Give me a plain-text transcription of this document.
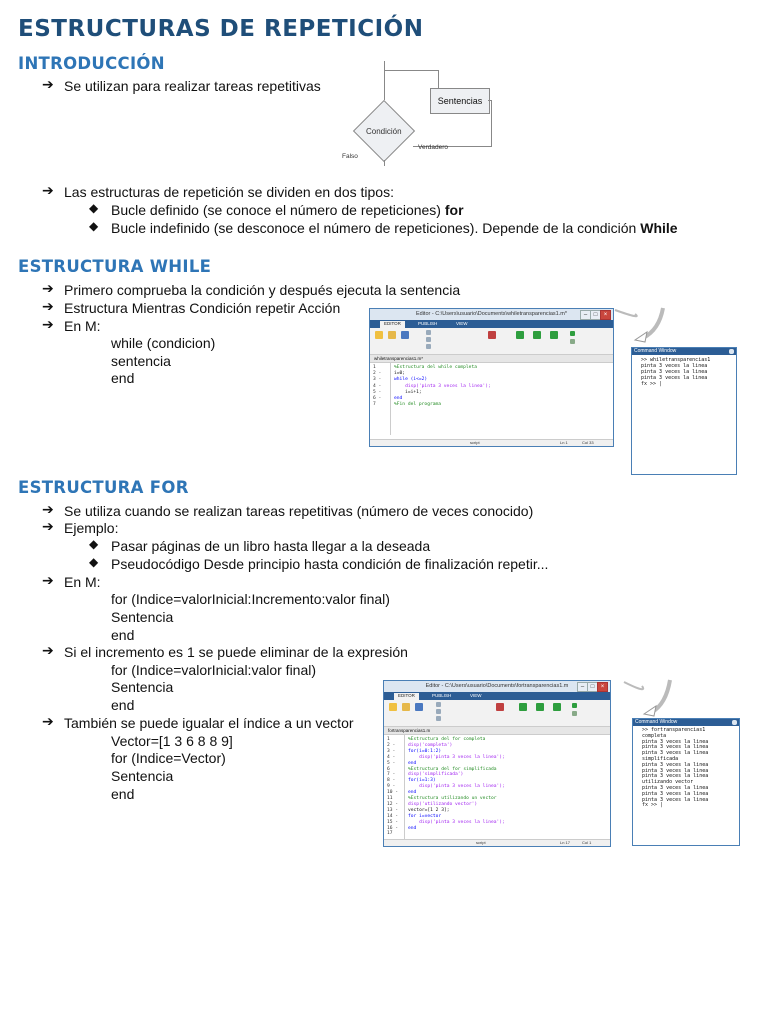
ESTRUCTURAS DE REPETICIÓN
INTRODUCCIÓN
➔ Se utilizan para realizar tareas repetitivas
Sentencias
Condición
Falso
Verdadero
➔ Las estructuras de repetición se dividen en dos tipos:
◆ Bucle definido (se conoce el número de repeticiones) for
◆ Bucle indefinido (se desconoce el número de repeticiones). Depende de la condición While
ESTRUCTURA WHILE
➔ Primero comprueba la condición y después ejecuta la sentencia
➔ Estructura Mientras Condición repetir Acción
➔ En M:
while (condicion)
sentencia
end
Editor - C:\Users\usuario\Documents\whiletransparencias1.m*	–	□	×
EDITOR	PUBLISH	VIEW
whiletransparencias1.m*
1	%Estructura del while completa
2 -	i=0;
3 -	while (i<=2)
4 -	disp('pinta 3 veces la linea');
5 -	i=i+1;
6 -	end
7	%Fin del programa
script	Ln 1	Col 33
Command Window
>> whiletransparencias1
pinta 3 veces la linea
pinta 3 veces la linea
pinta 3 veces la linea
fx >> |
ESTRUCTURA FOR
➔ Se utiliza cuando se realizan tareas repetitivas (número de veces conocido)
➔ Ejemplo:
◆ Pasar páginas de un libro hasta llegar a la deseada
◆ Pseudocódigo Desde principio hasta condición de finalización repetir...
➔ En M:
for (Indice=valorInicial:Incremento:valor final)
Sentencia
end
➔ Si el incremento es 1 se puede eliminar de la expresión
for (Indice=valorInicial:valor final)
Sentencia
end
➔ También se puede igualar el índice a un vector
Vector=[1 3 6 8 8 9]
for (Indice=Vector)
Sentencia
end
Editor - C:\Users\usuario\Documents\fortransparencias1.m	–	□	×
EDITOR	PUBLISH	VIEW
fortransparencias1.m
1	%Estructura del for completa
2 -	disp('completa')
3 -	for(i=0:1:2)
4 -	disp('pinta 3 veces la linea');
5 -	end
6	%Estructura del for simplificada
7 -	disp('simplificada')
8 -	for(i=1:3)
9 -	disp('pinta 3 veces la linea');
10 -	end
11	%Estructura utilizando un vector
12 -	disp('utilizando vector')
13 -	vector=[1 2 3];
14 -	for i=vector
15 -	disp('pinta 3 veces la linea');
16 -	end
17
script	Ln 17	Col 1
Command Window
>> fortransparencias1
completa
pinta 3 veces la linea
pinta 3 veces la linea
pinta 3 veces la linea
simplificada
pinta 3 veces la linea
pinta 3 veces la linea
pinta 3 veces la linea
utilizando vector
pinta 3 veces la linea
pinta 3 veces la linea
pinta 3 veces la linea
fx >> |
